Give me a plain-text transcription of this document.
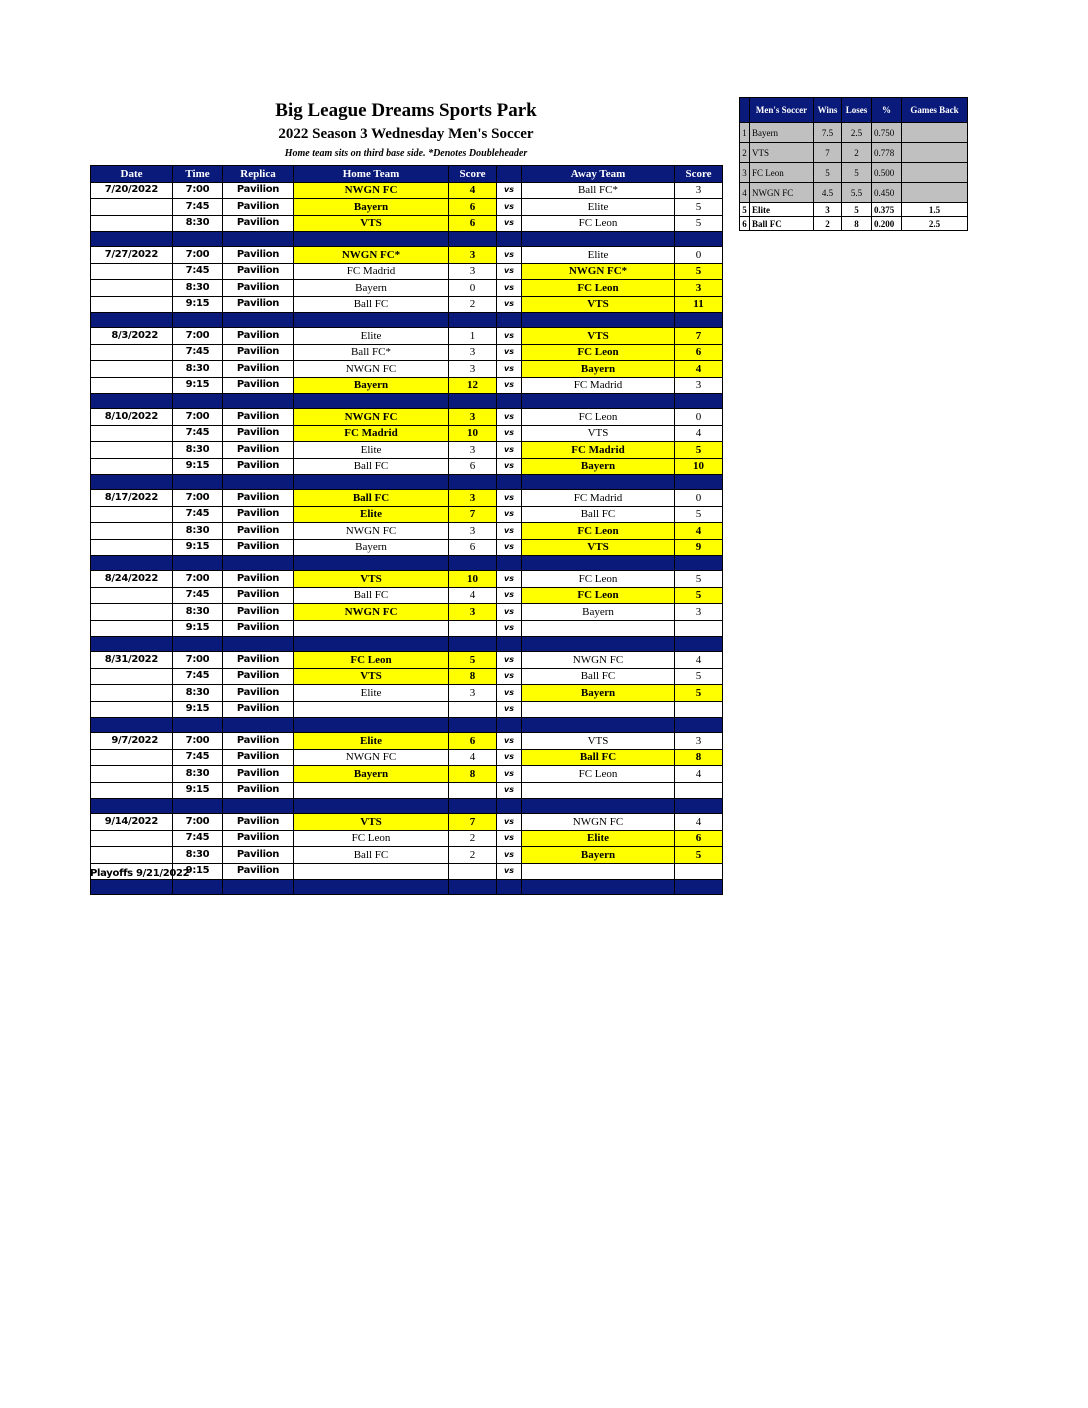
Big League Dreams Sports Park
2022 Season 3 Wednesday Men's Soccer
Home team sits on third base side. *Denotes Doubleheader
Date	Time	Replica	Home Team	Score		Away Team	Score
7/20/2022	7:00	Pavilion	NWGN FC	4	vs	Ball FC*	3
	7:45	Pavilion	Bayern	6	vs	Elite	5
	8:30	Pavilion	VTS	6	vs	FC Leon	5

7/27/2022	7:00	Pavilion	NWGN FC*	3	vs	Elite	0
	7:45	Pavilion	FC Madrid	3	vs	NWGN FC*	5
	8:30	Pavilion	Bayern	0	vs	FC Leon	3
	9:15	Pavilion	Ball FC	2	vs	VTS	11

8/3/2022	7:00	Pavilion	Elite	1	vs	VTS	7
	7:45	Pavilion	Ball FC*	3	vs	FC Leon	6
	8:30	Pavilion	NWGN FC	3	vs	Bayern	4
	9:15	Pavilion	Bayern	12	vs	FC Madrid	3

8/10/2022	7:00	Pavilion	NWGN FC	3	vs	FC Leon	0
	7:45	Pavilion	FC Madrid	10	vs	VTS	4
	8:30	Pavilion	Elite	3	vs	FC Madrid	5
	9:15	Pavilion	Ball FC	6	vs	Bayern	10

8/17/2022	7:00	Pavilion	Ball FC	3	vs	FC Madrid	0
	7:45	Pavilion	Elite	7	vs	Ball FC	5
	8:30	Pavilion	NWGN FC	3	vs	FC Leon	4
	9:15	Pavilion	Bayern	6	vs	VTS	9

8/24/2022	7:00	Pavilion	VTS	10	vs	FC Leon	5
	7:45	Pavilion	Ball FC	4	vs	FC Leon	5
	8:30	Pavilion	NWGN FC	3	vs	Bayern	3
	9:15	Pavilion			vs		

8/31/2022	7:00	Pavilion	FC Leon	5	vs	NWGN FC	4
	7:45	Pavilion	VTS	8	vs	Ball FC	5
	8:30	Pavilion	Elite	3	vs	Bayern	5
	9:15	Pavilion			vs		

9/7/2022	7:00	Pavilion	Elite	6	vs	VTS	3
	7:45	Pavilion	NWGN FC	4	vs	Ball FC	8
	8:30	Pavilion	Bayern	8	vs	FC Leon	4
	9:15	Pavilion			vs		

9/14/2022	7:00	Pavilion	VTS	7	vs	NWGN FC	4
	7:45	Pavilion	FC Leon	2	vs	Elite	6
	8:30	Pavilion	Ball FC	2	vs	Bayern	5
	9:15	Pavilion			vs		

Playoffs 9/21/2022
	Men's Soccer	Wins	Loses	%	Games Back
1	Bayern	7.5	2.5	0.750	
2	VTS	7	2	0.778	
3	FC Leon	5	5	0.500	
4	NWGN FC	4.5	5.5	0.450	
5	Elite	3	5	0.375	1.5
6	Ball FC	2	8	0.200	2.5
